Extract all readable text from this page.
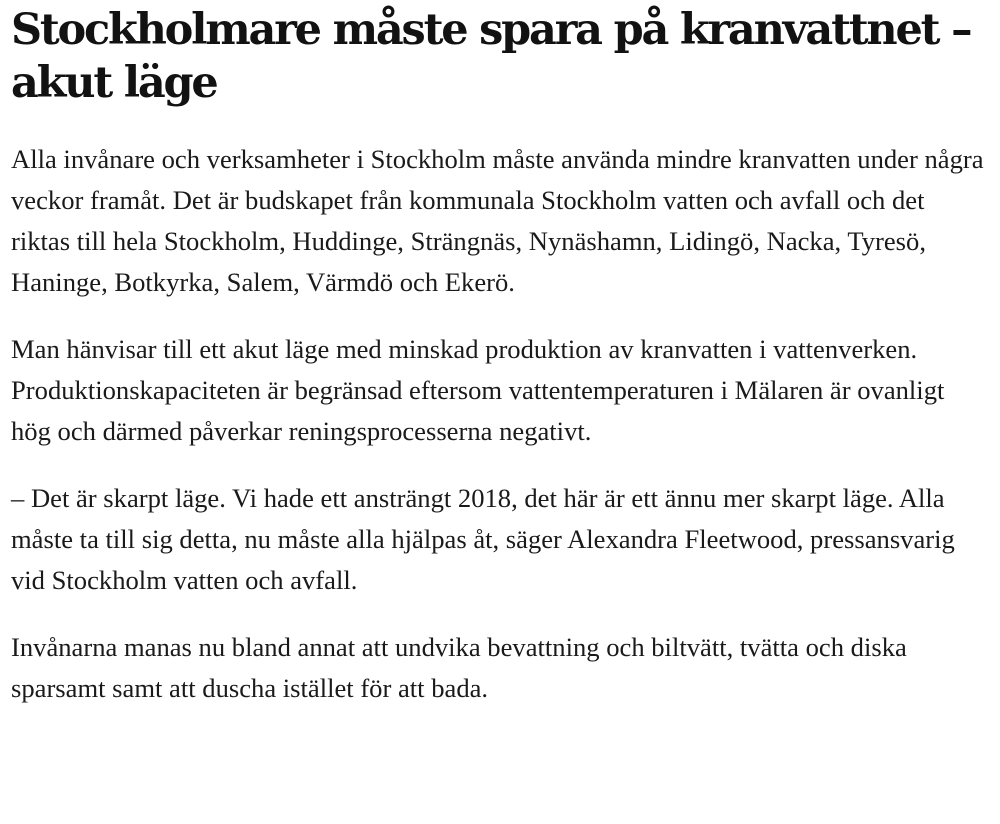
Stockholmare måste spara på kranvattnet – akut läge

Alla invånare och verksamheter i Stockholm måste använda mindre kranvatten under några veckor framåt. Det är budskapet från kommunala Stockholm vatten och avfall och det riktas till hela Stockholm, Huddinge, Strängnäs, Nynäshamn, Lidingö, Nacka, Tyresö, Haninge, Botkyrka, Salem, Värmdö och Ekerö.

Man hänvisar till ett akut läge med minskad produktion av kranvatten i vattenverken. Produktionskapaciteten är begränsad eftersom vattentemperaturen i Mälaren är ovanligt hög och därmed påverkar reningsprocesserna negativt.

– Det är skarpt läge. Vi hade ett ansträngt 2018, det här är ett ännu mer skarpt läge. Alla måste ta till sig detta, nu måste alla hjälpas åt, säger Alexandra Fleetwood, pressansvarig vid Stockholm vatten och avfall.

Invånarna manas nu bland annat att undvika bevattning och biltvätt, tvätta och diska sparsamt samt att duscha istället för att bada.
